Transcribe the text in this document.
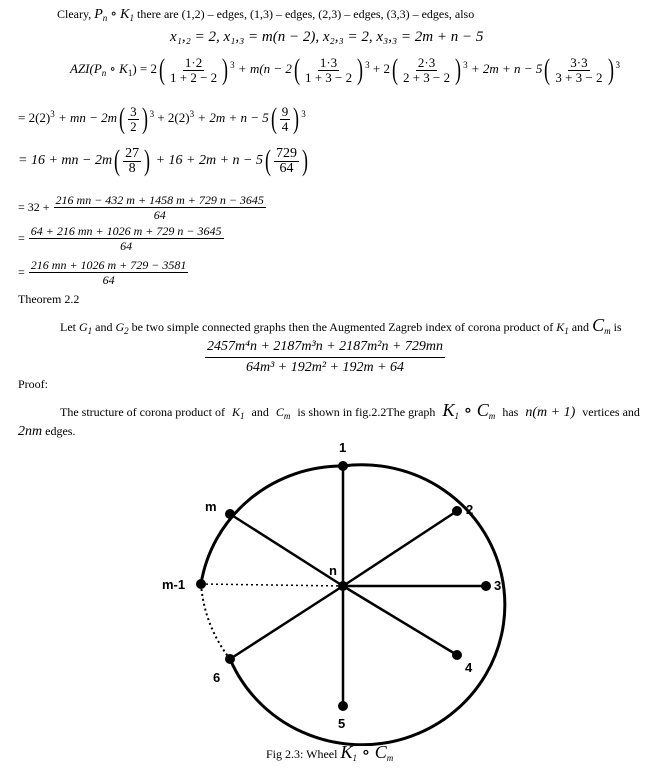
Cleary, $P_n$ ∘ $K_1$ there are (1,2) – edges, (1,3) – edges, (2,3) – edges, (3,3) – edges, also
x₁,₂ = 2, x₁,₃ = m(n − 2), x₂,₃ = 2, x₃,₃ = 2m + n − 5
$AZI(P_n$ ∘ $K_1) = 2( \frac{1\cdot 2}{1 + 2 - 2}$ ) $^3 + m(n - 2( \frac{1\cdot 3}{1 + 3 - 2}$ ) $^3 + 2( \frac{2\cdot 3}{2 + 3 - 2}$ ) $^3 + 2m + n - 5( \frac{3\cdot 3}{3 + 3 - 2}$ ) $^3$
= $2(2)^3$ + mn − $2m( \frac{3}{2}$ ) $^3 + 2(2)^3 + 2m + n - 5( \frac{9}{4}$ ) $^3$
= 16 + mn − $2m( \frac{27}{8}$ ) + $16 + 2m + n - 5( \frac{729}{64}$ )
= $32 + \frac{216 mn - 432 m + 1458 m + 729 n - 3645}{64}$
= $\frac{64 + 216 mn + 1026 m + 729 n - 3645}{64}$
= $\frac{216 mn + 1026 m + 729 - 3581}{64}$
Theorem 2.2
Let $G_1$ and $G_2$ be two simple connected graphs then the Augmented Zagreb index of corona product of $K_1$ and $C_m$ is
$\frac{\text{2457m⁴n + 2187m³n + 2187m²n + 729mn}}{\text{64m³ + 192m² + 192m + 64}}$
Proof:
The structure of corona product of $K_1$ and $C_m$ is shown in fig.2.2The graph $K_1$ ∘ $C_m$ has n(m + 1) vertices and
2nm edges.
1
2
3
4
5
6
m
m-1
n
Fig 2.3: Wheel $K_1$ ∘ $C_m$
